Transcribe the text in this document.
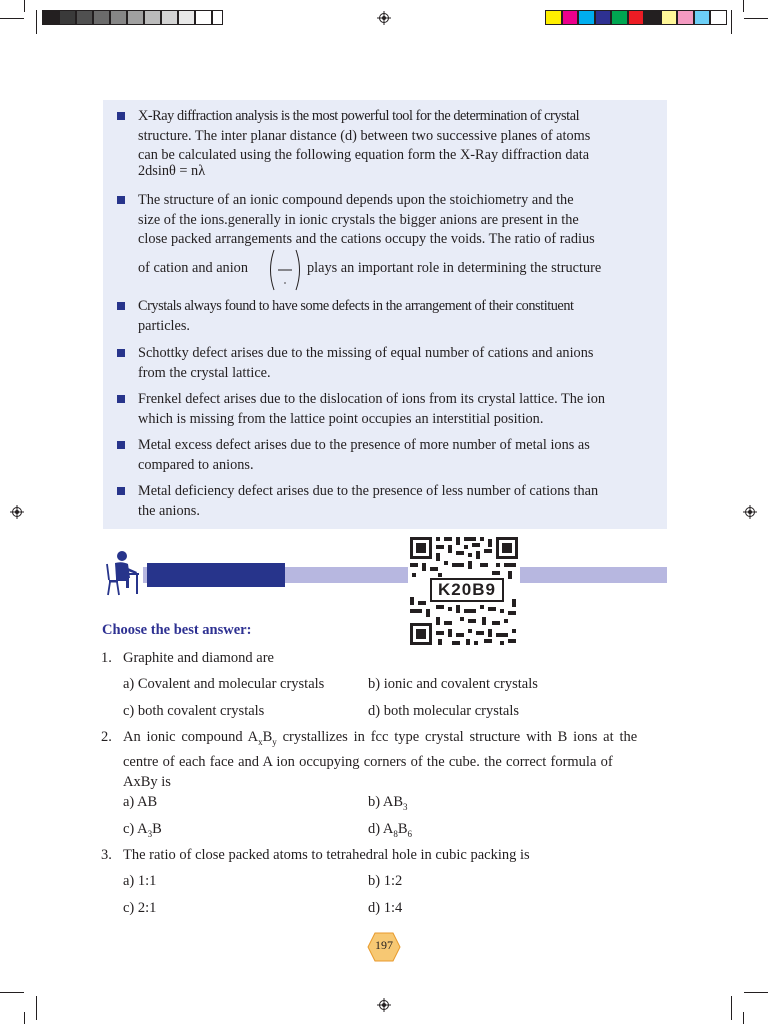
X-Ray diffraction analysis is the most powerful tool for the determination of crystal
structure. The inter planar distance (d) between two successive planes of atoms
can be calculated using the following equation form the X-Ray diffraction data
2dsinθ = nλ
The structure of an ionic compound depends upon the stoichiometry and the
size of the ions.generally in ionic crystals the bigger anions are present in the
close packed arrangements and the cations occupy the voids. The ratio of radius
of cation and anion	plays an important role in determining the structure
Crystals always found to have some defects in the arrangement of their constituent
particles.
Schottky defect arises due to the missing of equal number of cations and anions
from the crystal lattice.
Frenkel defect arises due to the dislocation of ions from its crystal lattice. The ion
which is missing from the lattice point occupies an interstitial position.
Metal excess defect arises due to the presence of more number of metal ions as
compared to anions.
Metal deficiency defect arises due to the presence of less number of cations than
the anions.
K20B9
Choose the best answer:
1. Graphite and diamond are
a) Covalent and molecular crystals	b) ionic and covalent crystals
c) both covalent crystals	d) both molecular crystals
2. An ionic compound $A_xB_y$ crystallizes in fcc type crystal structure with B ions at the
centre of each face and A ion occupying corners of the cube. the correct formula of
AxBy is
a) AB	b) $AB_3$
c) $A_3B$	d) $A_8B_6$
3. The ratio of close packed atoms to tetrahedral hole in cubic packing is
a) 1:1	b) 1:2
c) 2:1	d) 1:4
197
